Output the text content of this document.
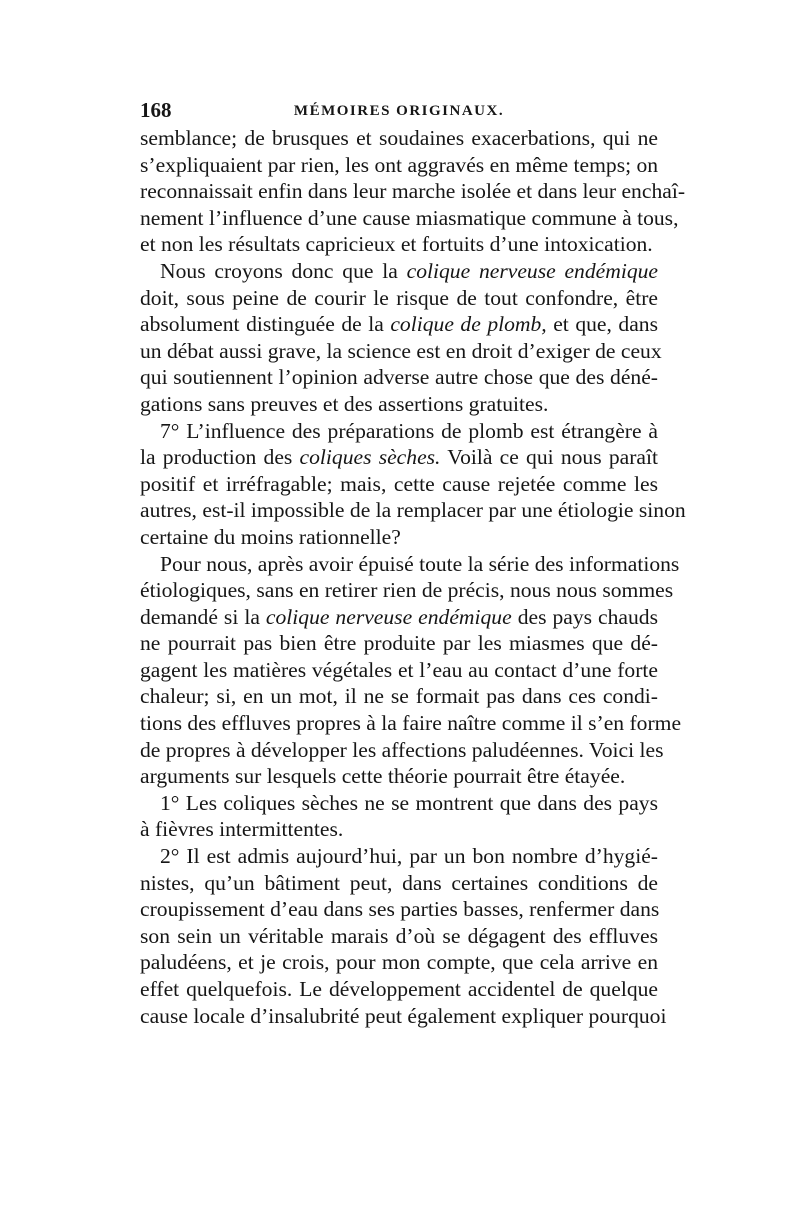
168	MÉMOIRES ORIGINAUX.

semblance; de brusques et soudaines exacerbations, qui ne
s’expliquaient par rien, les ont aggravés en même temps; on
reconnaissait enfin dans leur marche isolée et dans leur enchaî-
nement l’influence d’une cause miasmatique commune à tous,
et non les résultats capricieux et fortuits d’une intoxication.

Nous croyons donc que la colique nerveuse endémique
doit, sous peine de courir le risque de tout confondre, être
absolument distinguée de la colique de plomb, et que, dans
un débat aussi grave, la science est en droit d’exiger de ceux
qui soutiennent l’opinion adverse autre chose que des déné-
gations sans preuves et des assertions gratuites.

7° L’influence des préparations de plomb est étrangère à
la production des coliques sèches. Voilà ce qui nous paraît
positif et irréfragable; mais, cette cause rejetée comme les
autres, est-il impossible de la remplacer par une étiologie sinon
certaine du moins rationnelle?

Pour nous, après avoir épuisé toute la série des informations
étiologiques, sans en retirer rien de précis, nous nous sommes
demandé si la colique nerveuse endémique des pays chauds
ne pourrait pas bien être produite par les miasmes que dé-
gagent les matières végétales et l’eau au contact d’une forte
chaleur; si, en un mot, il ne se formait pas dans ces condi-
tions des effluves propres à la faire naître comme il s’en forme
de propres à développer les affections paludéennes. Voici les
arguments sur lesquels cette théorie pourrait être étayée.

1° Les coliques sèches ne se montrent que dans des pays
à fièvres intermittentes.

2° Il est admis aujourd’hui, par un bon nombre d’hygié-
nistes, qu’un bâtiment peut, dans certaines conditions de
croupissement d’eau dans ses parties basses, renfermer dans
son sein un véritable marais d’où se dégagent des effluves
paludéens, et je crois, pour mon compte, que cela arrive en
effet quelquefois. Le développement accidentel de quelque
cause locale d’insalubrité peut également expliquer pourquoi
